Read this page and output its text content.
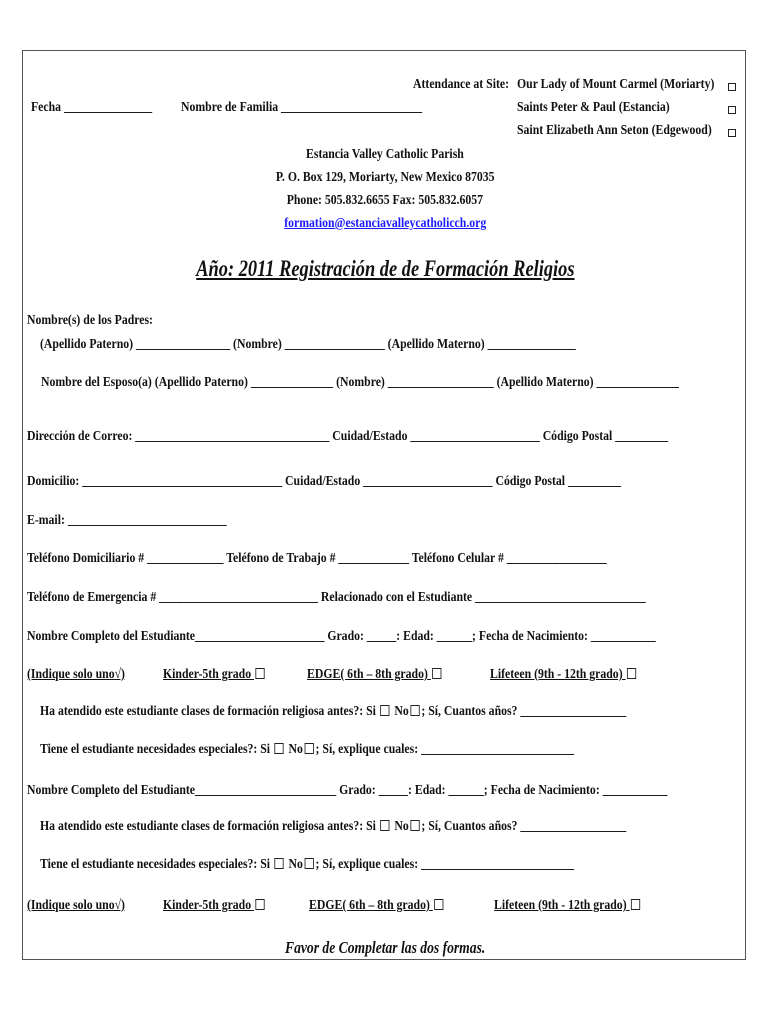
Attendance at Site: Our Lady of Mount Carmel (Moriarty)
Saints Peter & Paul (Estancia)
Saint Elizabeth Ann Seton (Edgewood)
Fecha _______________ Nombre de Familia ________________________
Estancia Valley Catholic Parish
P. O. Box 129, Moriarty, New Mexico 87035
Phone: 505.832.6655 Fax: 505.832.6057
formation@estanciavalleycatholicch.org
Año: 2011 Registración de de Formación Religios
Nombre(s) de los Padres:
(Apellido Paterno) ________________ (Nombre) _________________ (Apellido Materno) _______________
Nombre del Esposo(a) (Apellido Paterno) ______________ (Nombre) __________________ (Apellido Materno) ______________
Dirección de Correo: _________________________________ Cuidad/Estado ______________________ Código Postal _________
Domicilio: __________________________________ Cuidad/Estado ______________________ Código Postal _________
E-mail: ___________________________
Teléfono Domiciliario # _____________ Teléfono de Trabajo # ____________ Teléfono Celular # _________________
Teléfono de Emergencia # ___________________________ Relacionado con el Estudiante _____________________________
Nombre Completo del Estudiante______________________ Grado: _____: Edad: ______; Fecha de Nacimiento: ___________
(Indique solo uno√)	Kinder-5th grado	EDGE( 6th – 8th grado)	Lifeteen (9th - 12th grado)
Ha atendido este estudiante clases de formación religiosa antes?: Si No ; Sí, Cuantos años? __________________
Tiene el estudiante necesidades especiales?: Si No ; Sí, explique cuales: __________________________
Nombre Completo del Estudiante________________________ Grado: _____: Edad: ______; Fecha de Nacimiento: ___________
Ha atendido este estudiante clases de formación religiosa antes?: Si No ; Sí, Cuantos años? __________________
Tiene el estudiante necesidades especiales?: Si No ; Sí, explique cuales: __________________________
(Indique solo uno√)	Kinder-5th grado	EDGE( 6th – 8th grado)	Lifeteen (9th - 12th grado)
Favor de Completar las dos formas.
